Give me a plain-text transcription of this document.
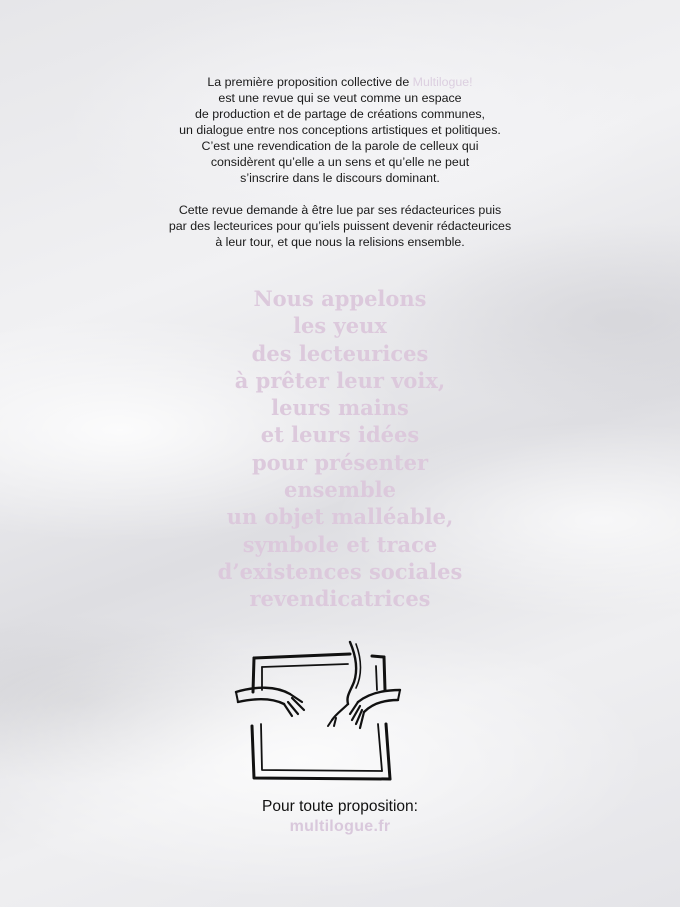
La première proposition collective de Multilogue!
est une revue qui se veut comme un espace
de production et de partage de créations communes,
un dialogue entre nos conceptions artistiques et politiques.
C’est une revendication de la parole de celleux qui
considèrent qu’elle a un sens et qu’elle ne peut
s’inscrire dans le discours dominant.

Cette revue demande à être lue par ses rédacteurices puis
par des lecteurices pour qu’iels puissent devenir rédacteurices
à leur tour, et que nous la relisions ensemble.

Nous appelons
les yeux
des lecteurices
à prêter leur voix,
leurs mains
et leurs idées
pour présenter
ensemble
un objet malléable,
symbole et trace
d’existences sociales
revendicatrices
Pour toute proposition:
multilogue.fr
